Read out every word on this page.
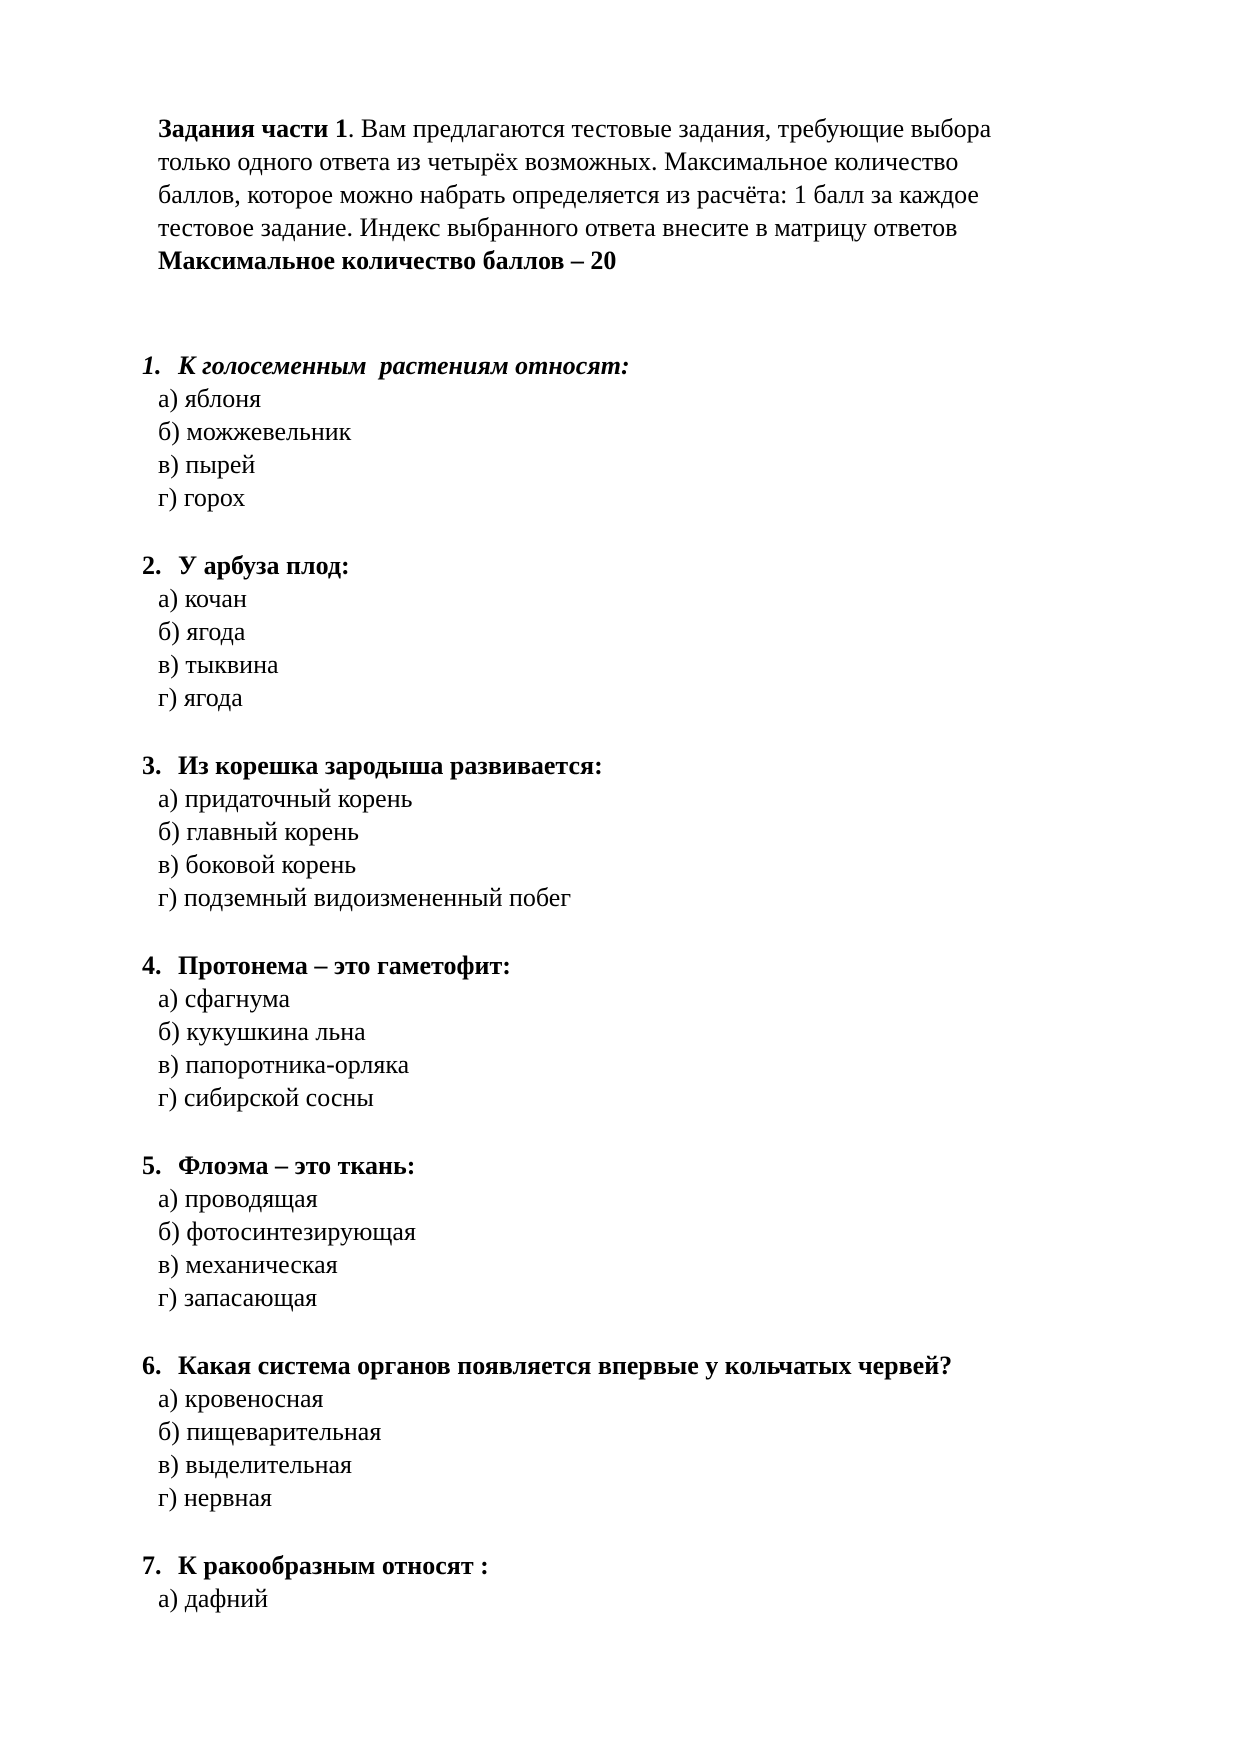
Задания части 1. Вам предлагаются тестовые задания, требующие выбора
только одного ответа из четырёх возможных. Максимальное количество
баллов, которое можно набрать определяется из расчёта: 1 балл за каждое
тестовое задание. Индекс выбранного ответа внесите в матрицу ответов
Максимальное количество баллов – 20
1. К голосеменным  растениям относят:
а) яблоня
б) можжевельник
в) пырей
г) горох
2. У арбуза плод:
а) кочан
б) ягода
в) тыквина
г) ягода
3. Из корешка зародыша развивается:
а) придаточный корень
б) главный корень
в) боковой корень
г) подземный видоизмененный побег
4. Протонема – это гаметофит:
а) сфагнума
б) кукушкина льна
в) папоротника-орляка
г) сибирской сосны
5. Флоэма – это ткань:
а) проводящая
б) фотосинтезирующая
в) механическая
г) запасающая
6. Какая система органов появляется впервые у кольчатых червей?
а) кровеносная
б) пищеварительная
в) выделительная
г) нервная
7. К ракообразным относят :
а) дафний
